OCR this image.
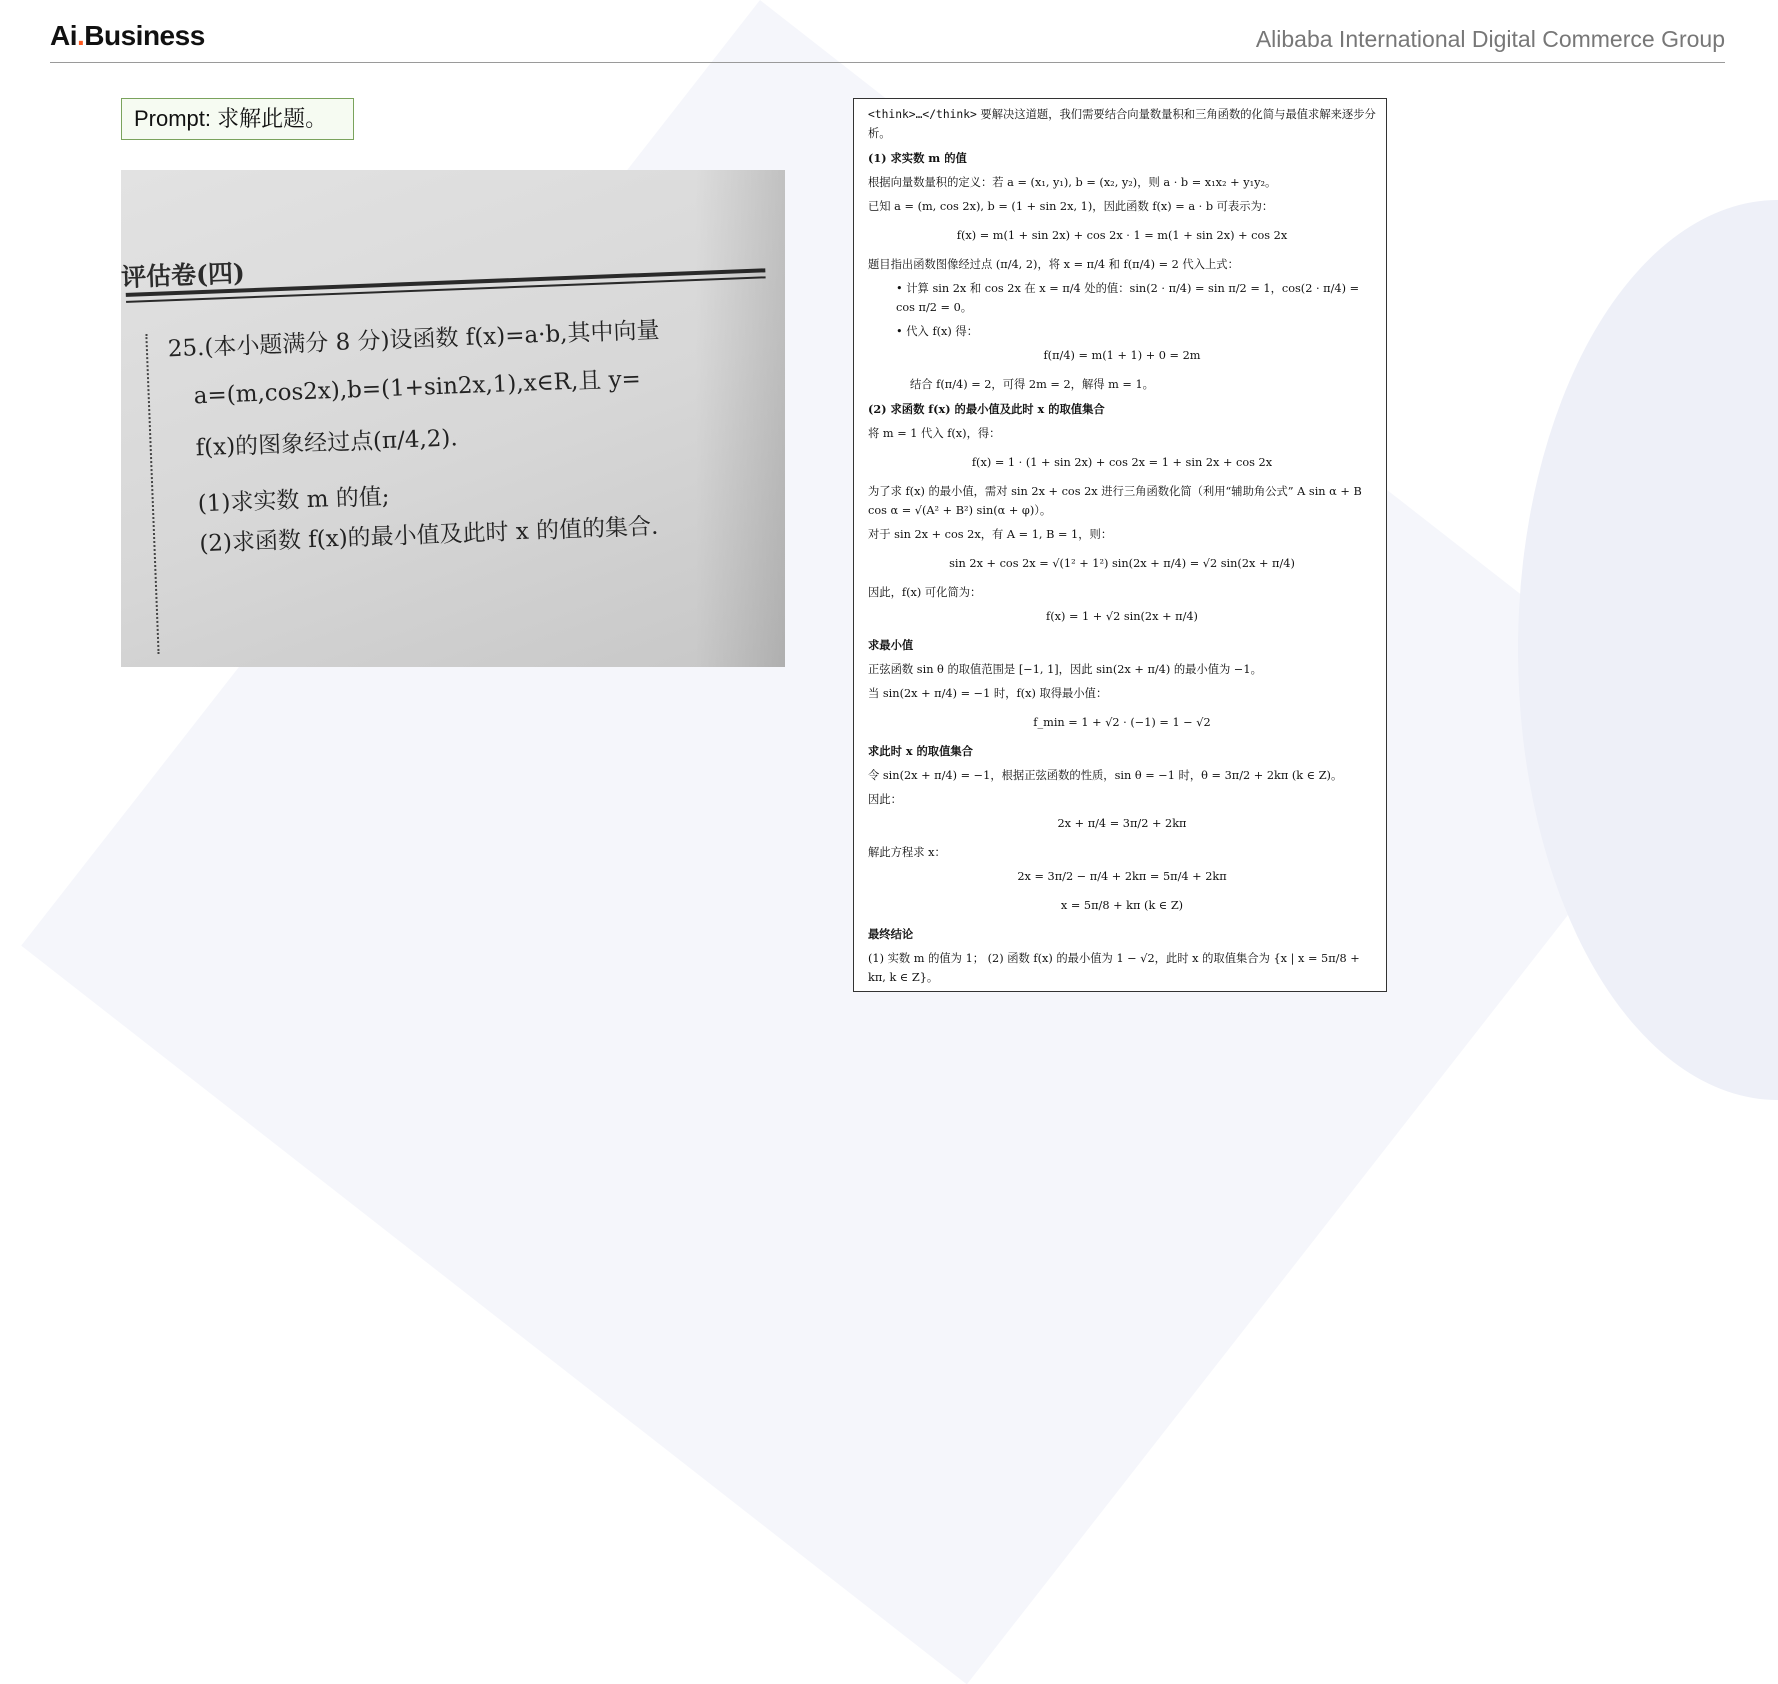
Ai.Business	Alibaba International Digital Commerce Group
Prompt: 求解此题。
评估卷(四)
25.(本小题满分 8 分)设函数 f(x)=a·b,其中向量
a=(m,cos2x),b=(1+sin2x,1),x∈R,且 y=
f(x)的图象经过点(π/4,2).
(1)求实数 m 的值;
(2)求函数 f(x)的最小值及此时 x 的值的集合.

<think>…</think> 要解决这道题，我们需要结合向量数量积和三角函数的化简与最值求解来逐步分析。

(1) 求实数 m 的值

根据向量数量积的定义：若 a = (x₁, y₁), b = (x₂, y₂)，则 a · b = x₁x₂ + y₁y₂。

已知 a = (m, cos 2x), b = (1 + sin 2x, 1)，因此函数 f(x) = a · b 可表示为：

f(x) = m(1 + sin 2x) + cos 2x · 1 = m(1 + sin 2x) + cos 2x

题目指出函数图像经过点 (π/4, 2)，将 x = π/4 和 f(π/4) = 2 代入上式：

• 计算 sin 2x 和 cos 2x 在 x = π/4 处的值：sin(2 · π/4) = sin π/2 = 1，cos(2 · π/4) = cos π/2 = 0。

• 代入 f(x) 得：

f(π/4) = m(1 + 1) + 0 = 2m

结合 f(π/4) = 2，可得 2m = 2，解得 m = 1。

(2) 求函数 f(x) 的最小值及此时 x 的取值集合

将 m = 1 代入 f(x)，得：

f(x) = 1 · (1 + sin 2x) + cos 2x = 1 + sin 2x + cos 2x

为了求 f(x) 的最小值，需对 sin 2x + cos 2x 进行三角函数化简（利用“辅助角公式” A sin α + B cos α = √(A² + B²) sin(α + φ)）。

对于 sin 2x + cos 2x，有 A = 1, B = 1，则：

sin 2x + cos 2x = √(1² + 1²) sin(2x + π/4) = √2 sin(2x + π/4)

因此，f(x) 可化简为：

f(x) = 1 + √2 sin(2x + π/4)

求最小值

正弦函数 sin θ 的取值范围是 [−1, 1]，因此 sin(2x + π/4) 的最小值为 −1。

当 sin(2x + π/4) = −1 时，f(x) 取得最小值：

f_min = 1 + √2 · (−1) = 1 − √2

求此时 x 的取值集合

令 sin(2x + π/4) = −1，根据正弦函数的性质，sin θ = −1 时，θ = 3π/2 + 2kπ (k ∈ Z)。

因此：

2x + π/4 = 3π/2 + 2kπ

解此方程求 x：

2x = 3π/2 − π/4 + 2kπ = 5π/4 + 2kπ

x = 5π/8 + kπ (k ∈ Z)

最终结论

(1) 实数 m 的值为 1； (2) 函数 f(x) 的最小值为 1 − √2，此时 x 的取值集合为 {x | x = 5π/8 + kπ, k ∈ Z}。
